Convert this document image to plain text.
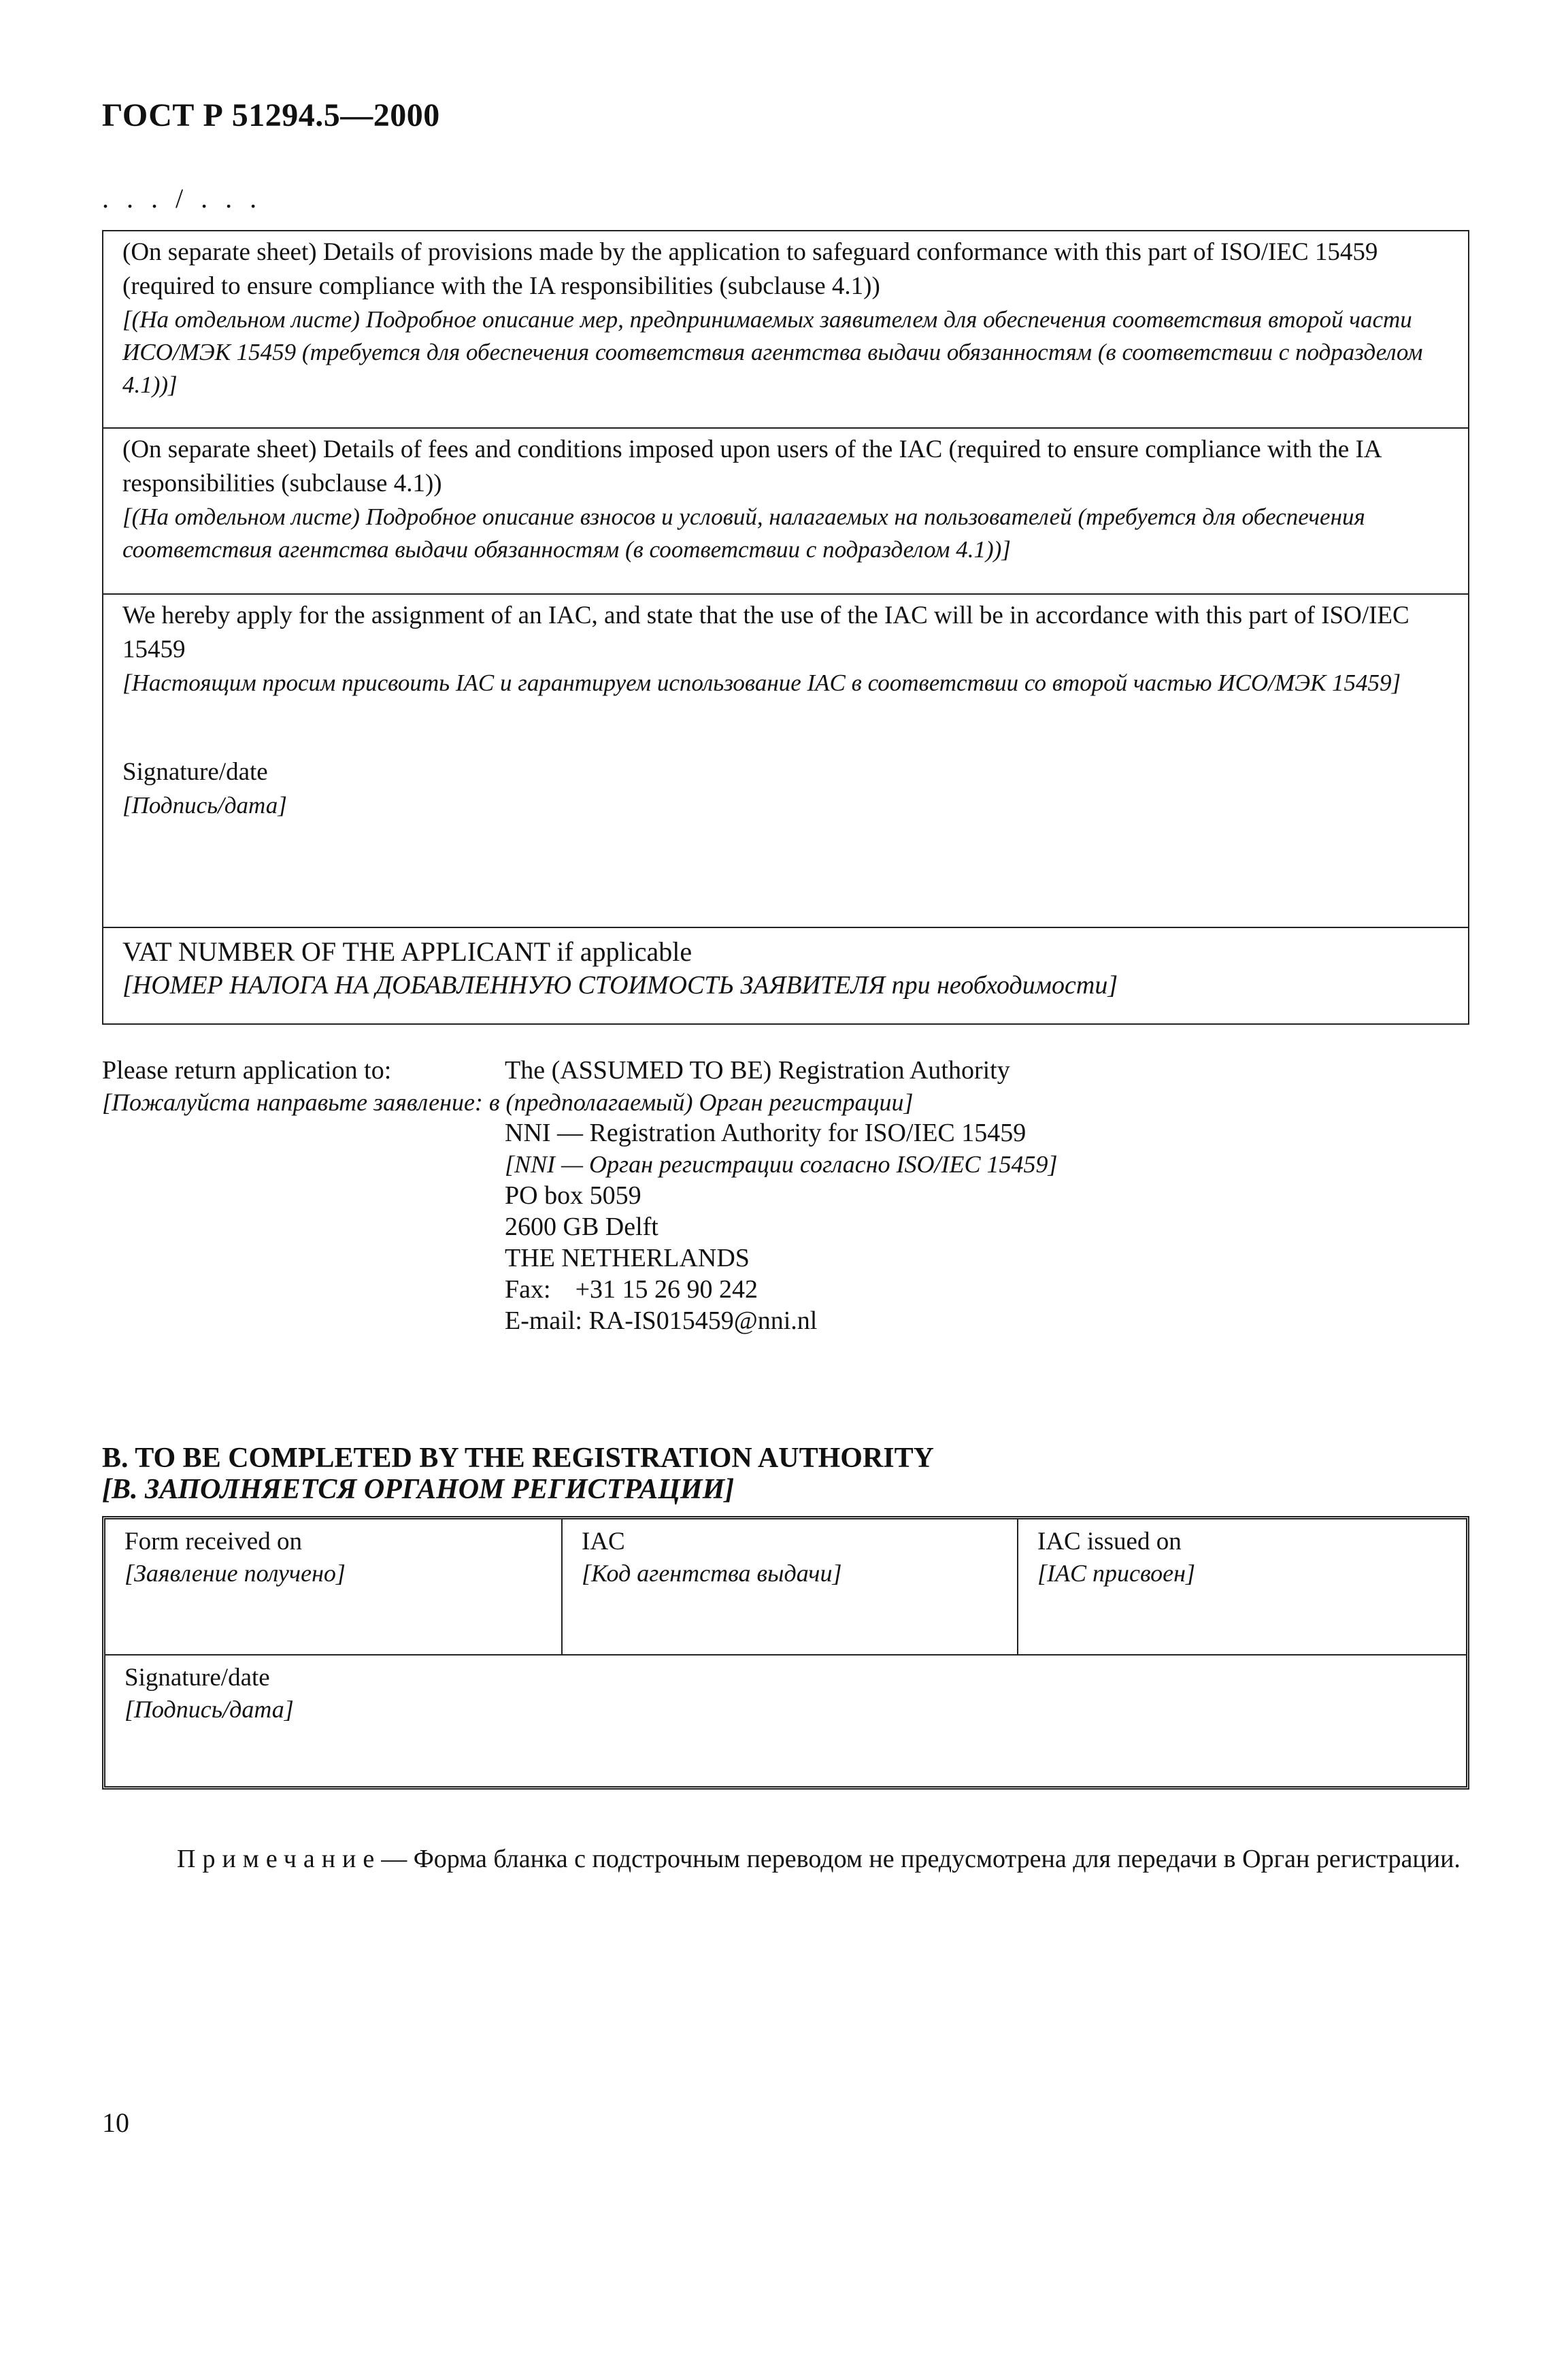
ГОСТ Р 51294.5—2000
. . . / . . .
(On separate sheet) Details of provisions made by the application to safeguard conformance with this part of ISO/IEC 15459 (required to ensure compliance with the IA responsibilities (subclause 4.1))
[(На отдельном листе) Подробное описание мер, предпринимаемых заявителем для обеспечения соответствия второй части ИСО/МЭК 15459 (требуется для обеспечения соответствия агентства выдачи обязанностям (в соответствии с подразделом 4.1))]
(On separate sheet) Details of fees and conditions imposed upon users of the IAC (required to ensure compliance with the IA responsibilities (subclause 4.1))
[(На отдельном листе) Подробное описание взносов и условий, налагаемых на пользователей (требуется для обеспечения соответствия агентства выдачи обязанностям (в соответствии с подразделом 4.1))]
We hereby apply for the assignment of an IAC, and state that the use of the IAC will be in accordance with this part of ISO/IEC 15459
[Настоящим просим присвоить IAC и гарантируем использование IAC в соответствии со второй частью ИСО/МЭК 15459]
Signature/date
[Подпись/дата]
VAT NUMBER OF THE APPLICANT if applicable
[НОМЕР НАЛОГА НА ДОБАВЛЕННУЮ СТОИМОСТЬ ЗАЯВИТЕЛЯ при необходимости]
Please return application to:
[Пожалуйста направьте заявление: в (предполагаемый) Орган регистрации]
The (ASSUMED TO BE) Registration Authority
NNI — Registration Authority for ISO/IEC 15459
[NNI — Орган регистрации согласно ISO/IEC 15459]
PO box 5059
2600 GB Delft
THE NETHERLANDS
Fax: +31 15 26 90 242
E-mail: RA-IS015459@nni.nl
B. TO BE COMPLETED BY THE REGISTRATION AUTHORITY
[В. ЗАПОЛНЯЕТСЯ ОРГАНОМ РЕГИСТРАЦИИ]
Form received on
[Заявление получено]
IAC
[Код агентства выдачи]
IAC issued on
[IAC присвоен]
Signature/date
[Подпись/дата]
Примечание— Форма бланка с подстрочным переводом не предусмотрена для передачи в Орган регистрации.
10
